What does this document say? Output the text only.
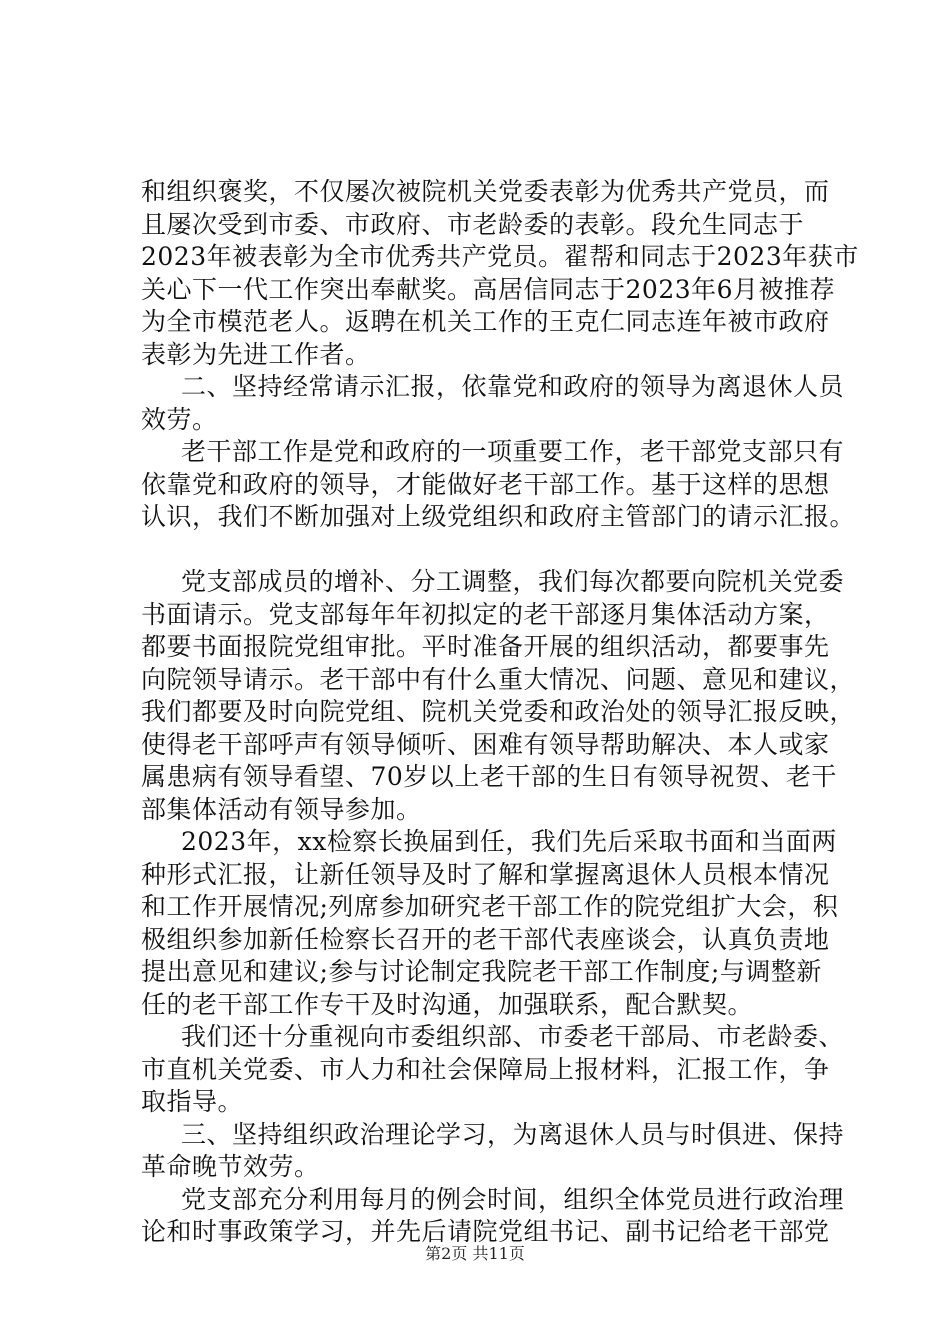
和组织褒奖，不仅屡次被院机关党委表彰为优秀共产党员，而
且屡次受到市委、市政府、市老龄委的表彰。段允生同志于
2023年被表彰为全市优秀共产党员。翟帮和同志于2023年获市
关心下一代工作突出奉献奖。高居信同志于2023年6月被推荐
为全市模范老人。返聘在机关工作的王克仁同志连年被市政府
表彰为先进工作者。
二、坚持经常请示汇报，依靠党和政府的领导为离退休人员
效劳。
老干部工作是党和政府的一项重要工作，老干部党支部只有
依靠党和政府的领导，才能做好老干部工作。基于这样的思想
认识，我们不断加强对上级党组织和政府主管部门的请示汇报。
党支部成员的增补、分工调整，我们每次都要向院机关党委
书面请示。党支部每年年初拟定的老干部逐月集体活动方案，
都要书面报院党组审批。平时准备开展的组织活动，都要事先
向院领导请示。老干部中有什么重大情况、问题、意见和建议，
我们都要及时向院党组、院机关党委和政治处的领导汇报反映，
使得老干部呼声有领导倾听、困难有领导帮助解决、本人或家
属患病有领导看望、70岁以上老干部的生日有领导祝贺、老干
部集体活动有领导参加。
2023年，xx检察长换届到任，我们先后采取书面和当面两
种形式汇报，让新任领导及时了解和掌握离退休人员根本情况
和工作开展情况;列席参加研究老干部工作的院党组扩大会，积
极组织参加新任检察长召开的老干部代表座谈会，认真负责地
提出意见和建议;参与讨论制定我院老干部工作制度;与调整新
任的老干部工作专干及时沟通，加强联系，配合默契。
我们还十分重视向市委组织部、市委老干部局、市老龄委、
市直机关党委、市人力和社会保障局上报材料，汇报工作，争
取指导。
三、坚持组织政治理论学习，为离退休人员与时俱进、保持
革命晚节效劳。
党支部充分利用每月的例会时间，组织全体党员进行政治理
论和时事政策学习，并先后请院党组书记、副书记给老干部党
第2页 共11页
